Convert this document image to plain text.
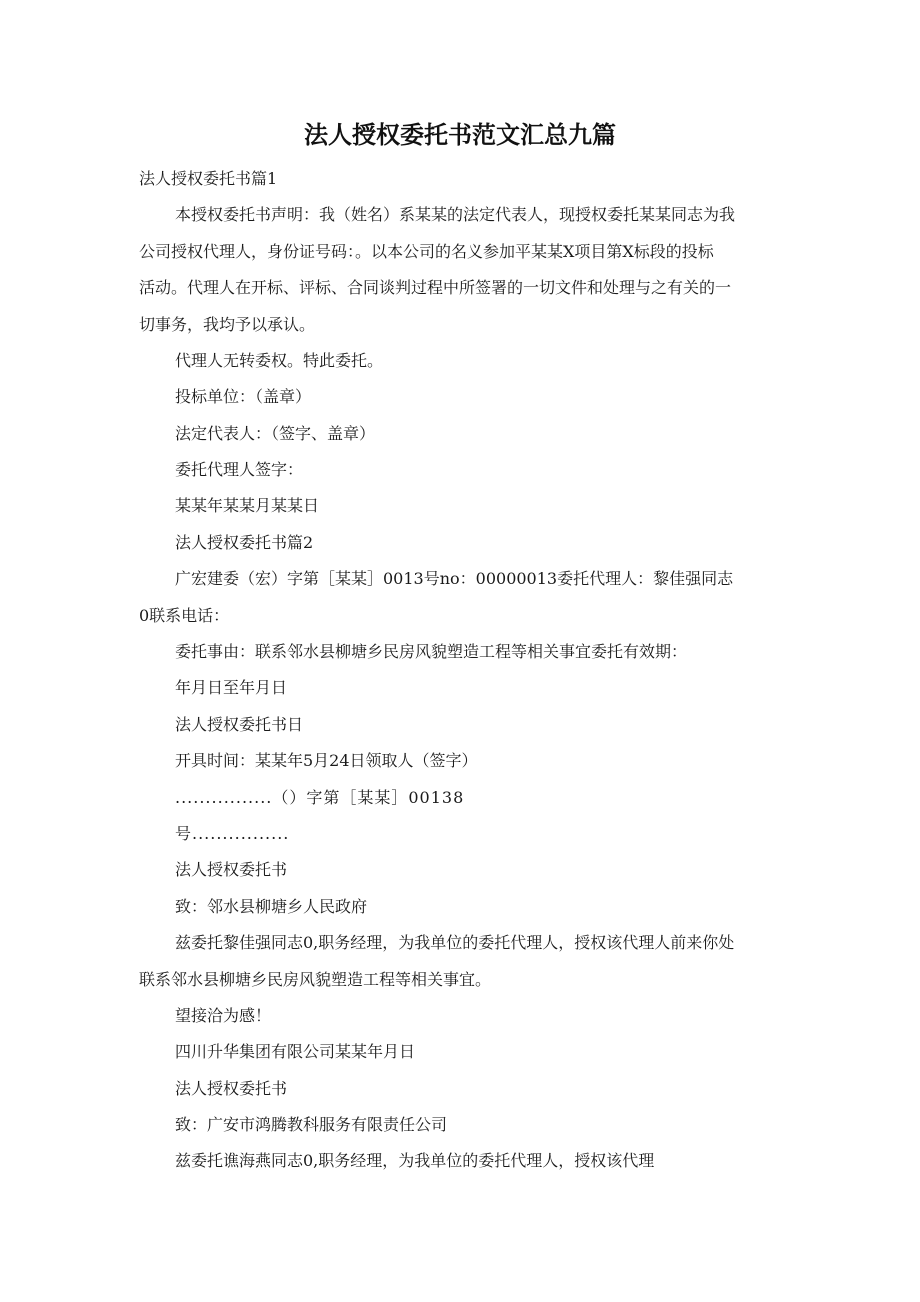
法人授权委托书范文汇总九篇

法人授权委托书篇1

本授权委托书声明：我（姓名）系某某的法定代表人，现授权委托某某同志为我

公司授权代理人，身份证号码：。以本公司的名义参加平某某X项目第X标段的投标

活动。代理人在开标、评标、合同谈判过程中所签署的一切文件和处理与之有关的一

切事务，我均予以承认。

代理人无转委权。特此委托。

投标单位：（盖章）

法定代表人：（签字、盖章）

委托代理人签字：

某某年某某月某某日

法人授权委托书篇2

广宏建委（宏）字第［某某］0013号no：00000013委托代理人：黎佳强同志

0联系电话：

委托事由：联系邻水县柳塘乡民房风貌塑造工程等相关事宜委托有效期：

年月日至年月日

法人授权委托书日

开具时间：某某年5月24日领取人（签字）

................（）字第［某某］00138

号................

法人授权委托书

致：邻水县柳塘乡人民政府

兹委托黎佳强同志0,职务经理，为我单位的委托代理人，授权该代理人前来你处

联系邻水县柳塘乡民房风貌塑造工程等相关事宜。

望接洽为感！

四川升华集团有限公司某某年月日

法人授权委托书

致：广安市鸿腾教科服务有限责任公司

兹委托谯海燕同志0,职务经理，为我单位的委托代理人，授权该代理
